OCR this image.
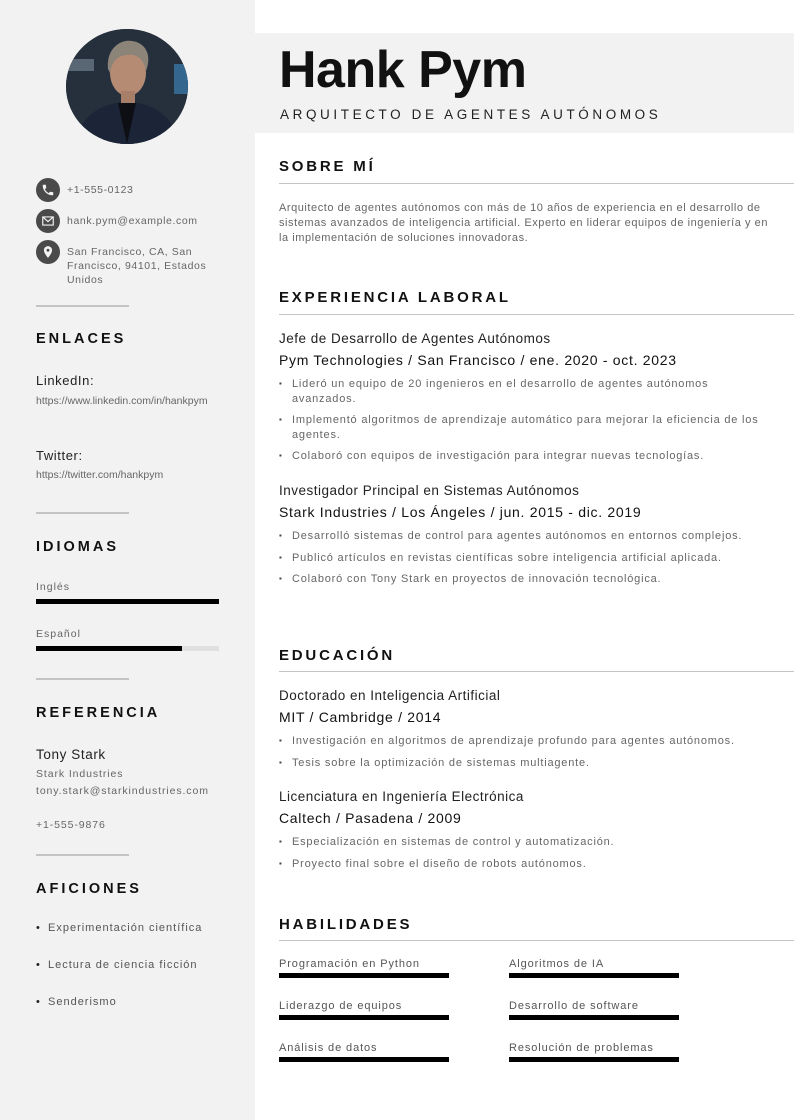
+1-555-0123
hank.pym@example.com
San Francisco, CA, San Francisco, 94101, Estados Unidos
ENLACES
LinkedIn:
https://www.linkedin.com/in/hankpym
Twitter:
https://twitter.com/hankpym
IDIOMAS
Inglés
Español
REFERENCIA
Tony Stark
Stark Industries
tony.stark@starkindustries.com
+1-555-9876
AFICIONES
• Experimentación científica
• Lectura de ciencia ficción
• Senderismo
Hank Pym
ARQUITECTO DE AGENTES AUTÓNOMOS
SOBRE MÍ
Arquitecto de agentes autónomos con más de 10 años de experiencia en el desarrollo de sistemas avanzados de inteligencia artificial. Experto en liderar equipos de ingeniería y en la implementación de soluciones innovadoras.
EXPERIENCIA LABORAL
Jefe de Desarrollo de Agentes Autónomos
Pym Technologies / San Francisco / ene. 2020 - oct. 2023
▪ Lideró un equipo de 20 ingenieros en el desarrollo de agentes autónomos avanzados.
▪ Implementó algoritmos de aprendizaje automático para mejorar la eficiencia de los agentes.
▪ Colaboró con equipos de investigación para integrar nuevas tecnologías.
Investigador Principal en Sistemas Autónomos
Stark Industries / Los Ángeles / jun. 2015 - dic. 2019
▪ Desarrolló sistemas de control para agentes autónomos en entornos complejos.
▪ Publicó artículos en revistas científicas sobre inteligencia artificial aplicada.
▪ Colaboró con Tony Stark en proyectos de innovación tecnológica.
EDUCACIÓN
Doctorado en Inteligencia Artificial
MIT / Cambridge / 2014
▪ Investigación en algoritmos de aprendizaje profundo para agentes autónomos.
▪ Tesis sobre la optimización de sistemas multiagente.
Licenciatura en Ingeniería Electrónica
Caltech / Pasadena / 2009
▪ Especialización en sistemas de control y automatización.
▪ Proyecto final sobre el diseño de robots autónomos.
HABILIDADES
Programación en Python	Algoritmos de IA
Liderazgo de equipos	Desarrollo de software
Análisis de datos	Resolución de problemas
